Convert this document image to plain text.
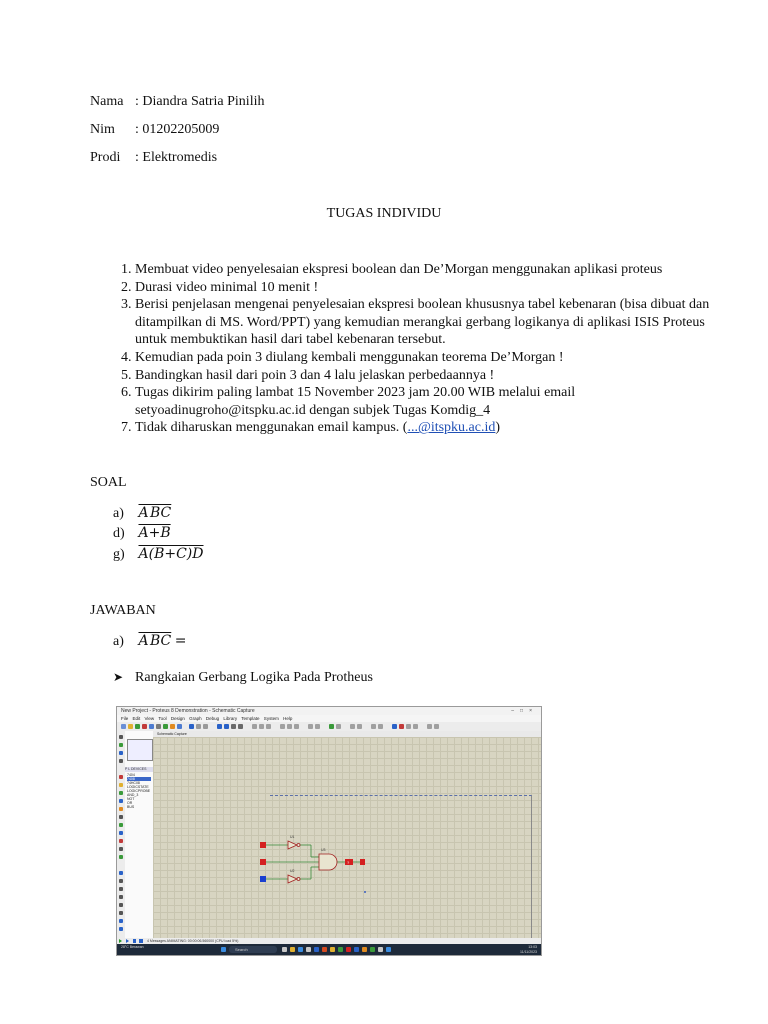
Nama : Diandra Satria Pinilih
Nim : 01202205009
Prodi : Elektromedis
TUGAS INDIVIDU
1. Membuat video penyelesaian ekspresi boolean dan De’Morgan menggunakan aplikasi proteus
2. Durasi video minimal 10 menit !
3. Berisi penjelasan mengenai penyelesaian ekspresi boolean khususnya tabel kebenaran (bisa dibuat dan ditampilkan di MS. Word/PPT) yang kemudian merangkai gerbang logikanya di aplikasi ISIS Proteus untuk membuktikan hasil dari tabel kebenaran tersebut.
4. Kemudian pada poin 3 diulang kembali menggunakan teorema De’Morgan !
5. Bandingkan hasil dari poin 3 dan 4 lalu jelaskan perbedaannya !
6. Tugas dikirim paling lambat 15 November 2023 jam 20.00 WIB melalui email setyoadinugroho@itspku.ac.id dengan subjek Tugas Komdig_4
7. Tidak diharuskan menggunakan email kampus. (...@itspku.ac.id)
SOAL
a) A BC
d) A+B
g) A(B+C)D
JAWABAN
a) A BC =
➤ Rangkaian Gerbang Logika Pada Protheus
New Project - Proteus 8 Demonstration - Schematic Capture	–□×
File Edit View Tool Design Graph Debug Library Template System Help
P L DEVICES
7404
7408
74HC08
LOGICSTATE
LOGICPROBE
AND_3
NOT
OR
BUS
Schematic Capture
U1
U2
U3
?
4 Messages ANIMATING: 00:00:06.560000 (CPU load 5%)
28°C Berawan	Search	13:03
11/11/2023
